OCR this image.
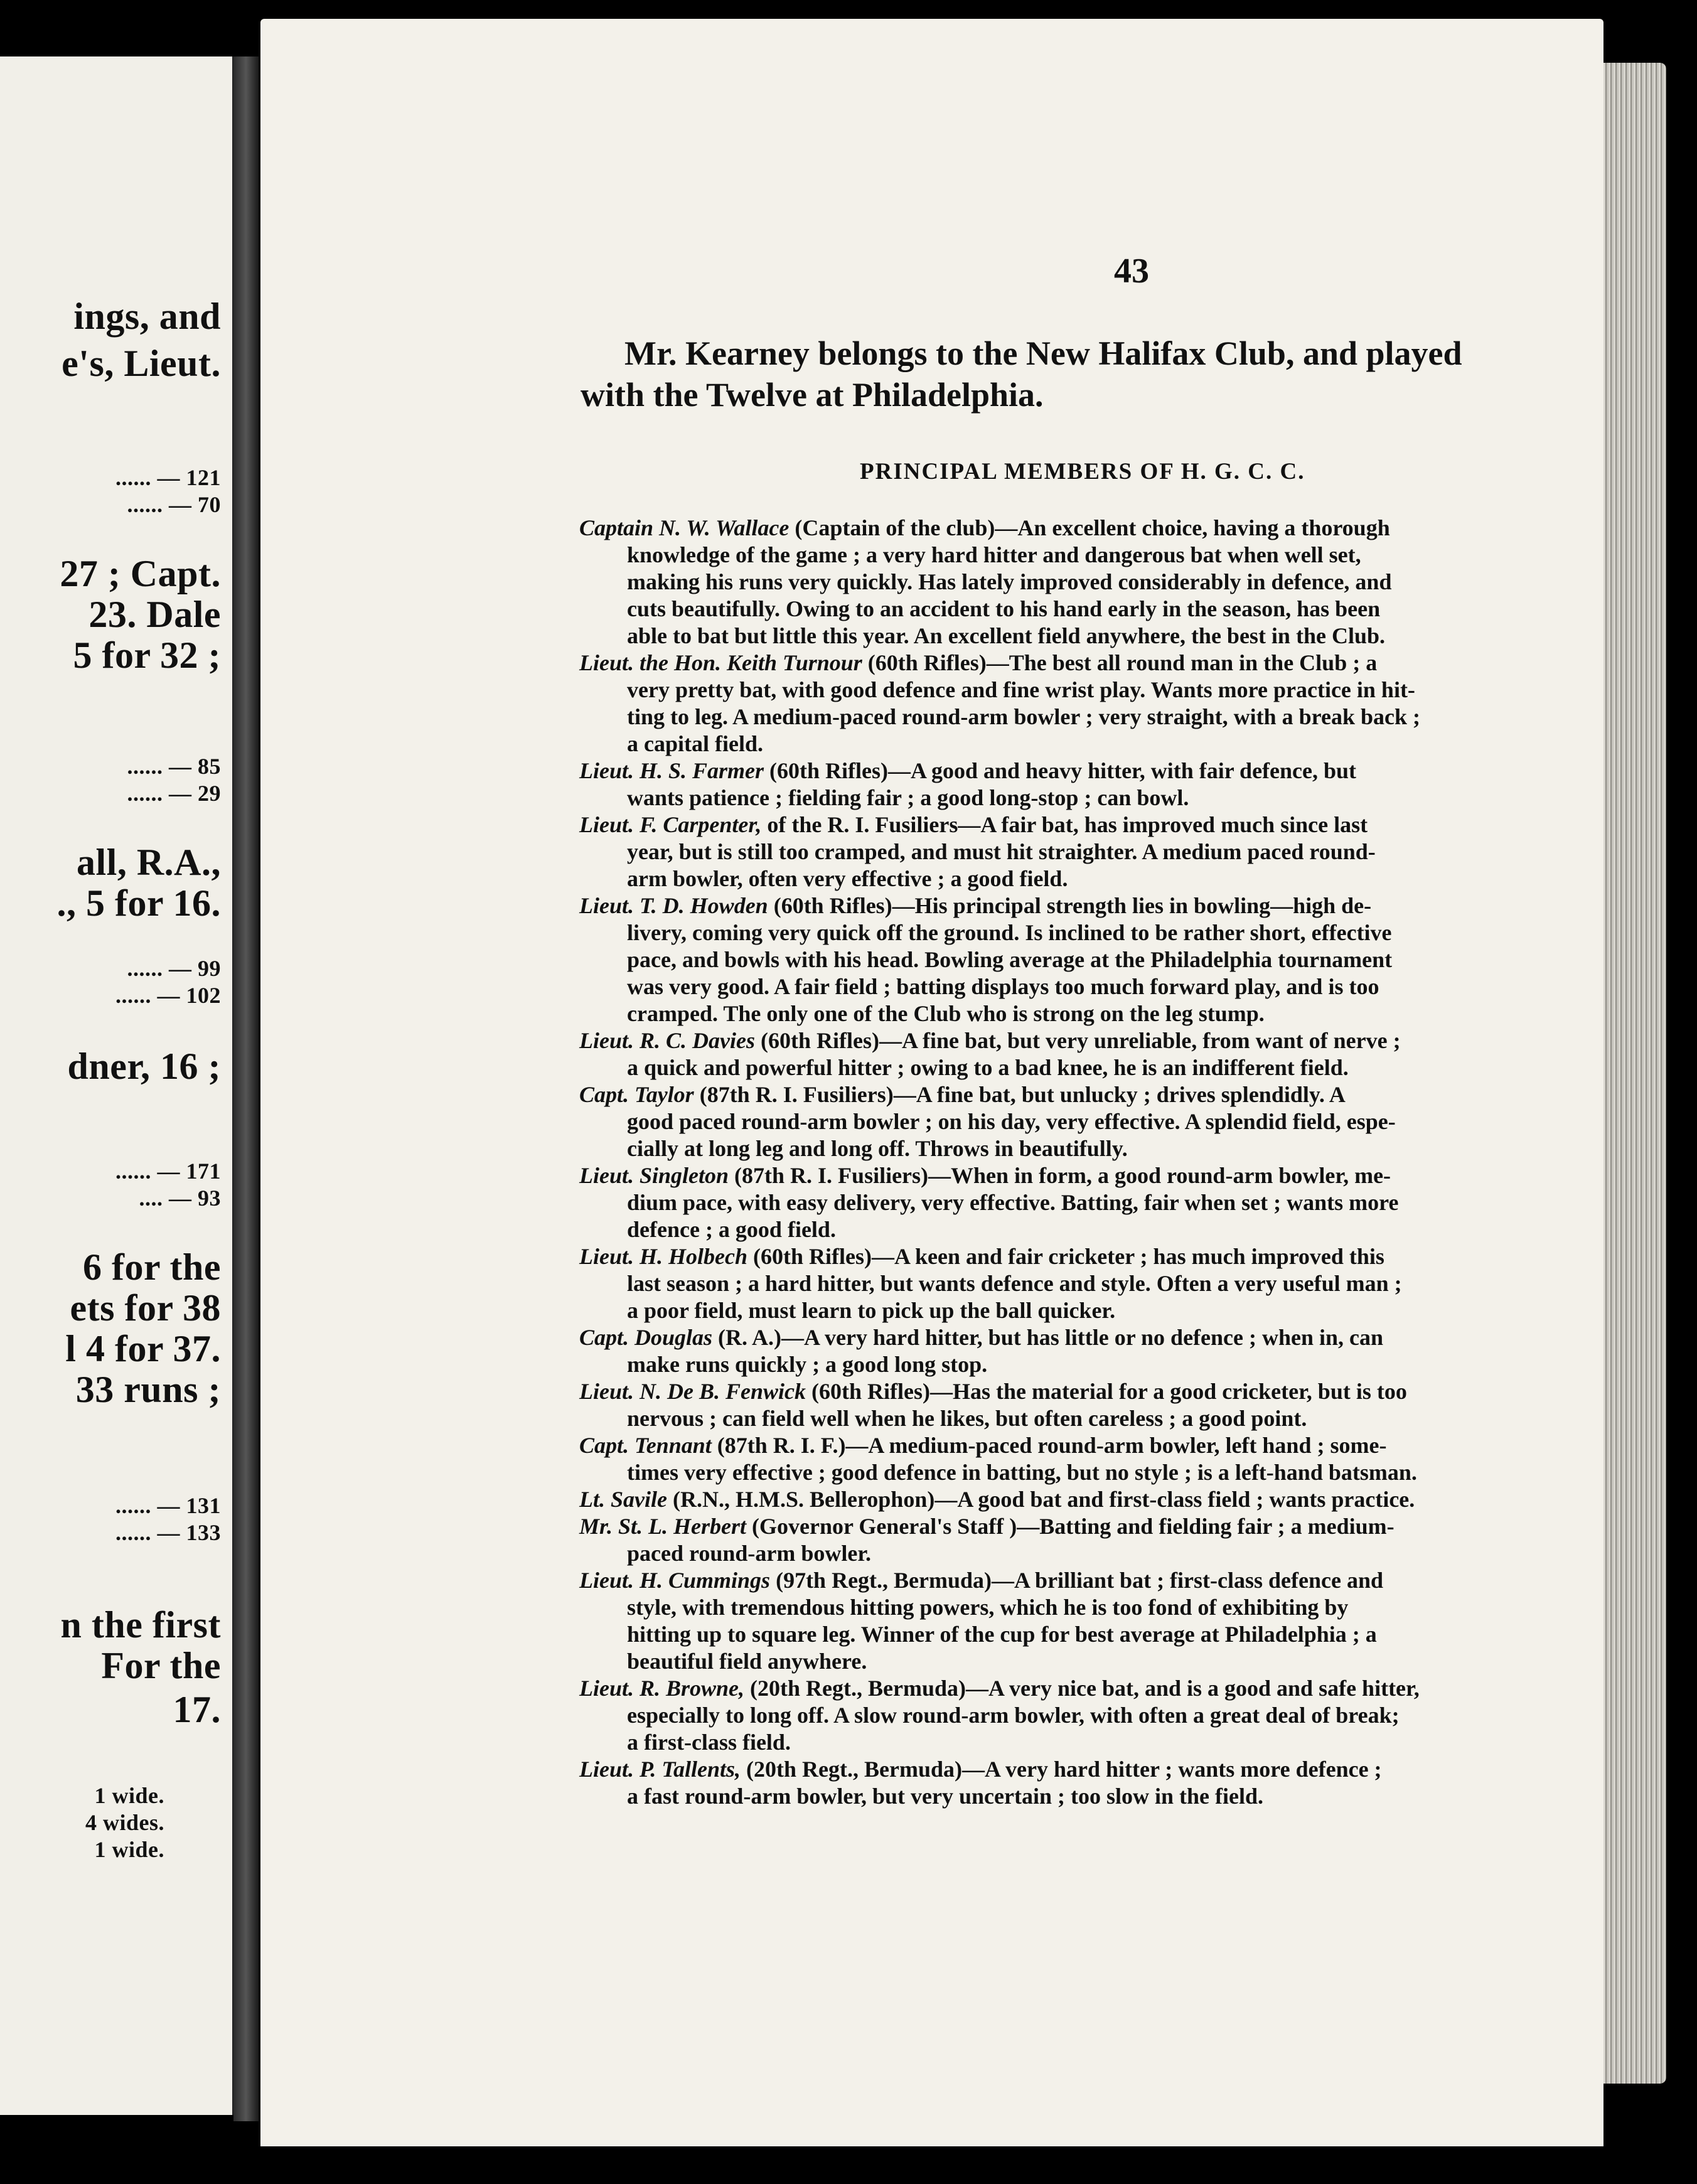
ings, and
e's, Lieut.
...... — 121
...... — 70
27 ; Capt.
23. Dale
5 for 32 ;
...... — 85
...... — 29
all, R.A.,
., 5 for 16.
...... — 99
...... — 102
dner, 16 ;
...... — 171
.... — 93
6 for the
ets for 38
l 4 for 37.
33 runs ;
...... — 131
...... — 133
n the first
For the
17.
1 wide.
4 wides.
1 wide.
43
Mr. Kearney belongs to the New Halifax Club, and played
with the Twelve at Philadelphia.
PRINCIPAL MEMBERS OF H. G. C. C.
Captain N. W. Wallace (Captain of the club)—An excellent choice, having a thorough
knowledge of the game ; a very hard hitter and dangerous bat when well set,
making his runs very quickly. Has lately improved considerably in defence, and
cuts beautifully. Owing to an accident to his hand early in the season, has been
able to bat but little this year. An excellent field anywhere, the best in the Club.
Lieut. the Hon. Keith Turnour (60th Rifles)—The best all round man in the Club ; a
very pretty bat, with good defence and fine wrist play. Wants more practice in hit-
ting to leg. A medium-paced round-arm bowler ; very straight, with a break back ;
a capital field.
Lieut. H. S. Farmer (60th Rifles)—A good and heavy hitter, with fair defence, but
wants patience ; fielding fair ; a good long-stop ; can bowl.
Lieut. F. Carpenter, of the R. I. Fusiliers—A fair bat, has improved much since last
year, but is still too cramped, and must hit straighter. A medium paced round-
arm bowler, often very effective ; a good field.
Lieut. T. D. Howden (60th Rifles)—His principal strength lies in bowling—high de-
livery, coming very quick off the ground. Is inclined to be rather short, effective
pace, and bowls with his head. Bowling average at the Philadelphia tournament
was very good. A fair field ; batting displays too much forward play, and is too
cramped. The only one of the Club who is strong on the leg stump.
Lieut. R. C. Davies (60th Rifles)—A fine bat, but very unreliable, from want of nerve ;
a quick and powerful hitter ; owing to a bad knee, he is an indifferent field.
Capt. Taylor (87th R. I. Fusiliers)—A fine bat, but unlucky ; drives splendidly. A
good paced round-arm bowler ; on his day, very effective. A splendid field, espe-
cially at long leg and long off. Throws in beautifully.
Lieut. Singleton (87th R. I. Fusiliers)—When in form, a good round-arm bowler, me-
dium pace, with easy delivery, very effective. Batting, fair when set ; wants more
defence ; a good field.
Lieut. H. Holbech (60th Rifles)—A keen and fair cricketer ; has much improved this
last season ; a hard hitter, but wants defence and style. Often a very useful man ;
a poor field, must learn to pick up the ball quicker.
Capt. Douglas (R. A.)—A very hard hitter, but has little or no defence ; when in, can
make runs quickly ; a good long stop.
Lieut. N. De B. Fenwick (60th Rifles)—Has the material for a good cricketer, but is too
nervous ; can field well when he likes, but often careless ; a good point.
Capt. Tennant (87th R. I. F.)—A medium-paced round-arm bowler, left hand ; some-
times very effective ; good defence in batting, but no style ; is a left-hand batsman.
Lt. Savile (R.N., H.M.S. Bellerophon)—A good bat and first-class field ; wants practice.
Mr. St. L. Herbert (Governor General's Staff )—Batting and fielding fair ; a medium-
paced round-arm bowler.
Lieut. H. Cummings (97th Regt., Bermuda)—A brilliant bat ; first-class defence and
style, with tremendous hitting powers, which he is too fond of exhibiting by
hitting up to square leg. Winner of the cup for best average at Philadelphia ; a
beautiful field anywhere.
Lieut. R. Browne, (20th Regt., Bermuda)—A very nice bat, and is a good and safe hitter,
especially to long off. A slow round-arm bowler, with often a great deal of break;
a first-class field.
Lieut. P. Tallents, (20th Regt., Bermuda)—A very hard hitter ; wants more defence ;
a fast round-arm bowler, but very uncertain ; too slow in the field.
